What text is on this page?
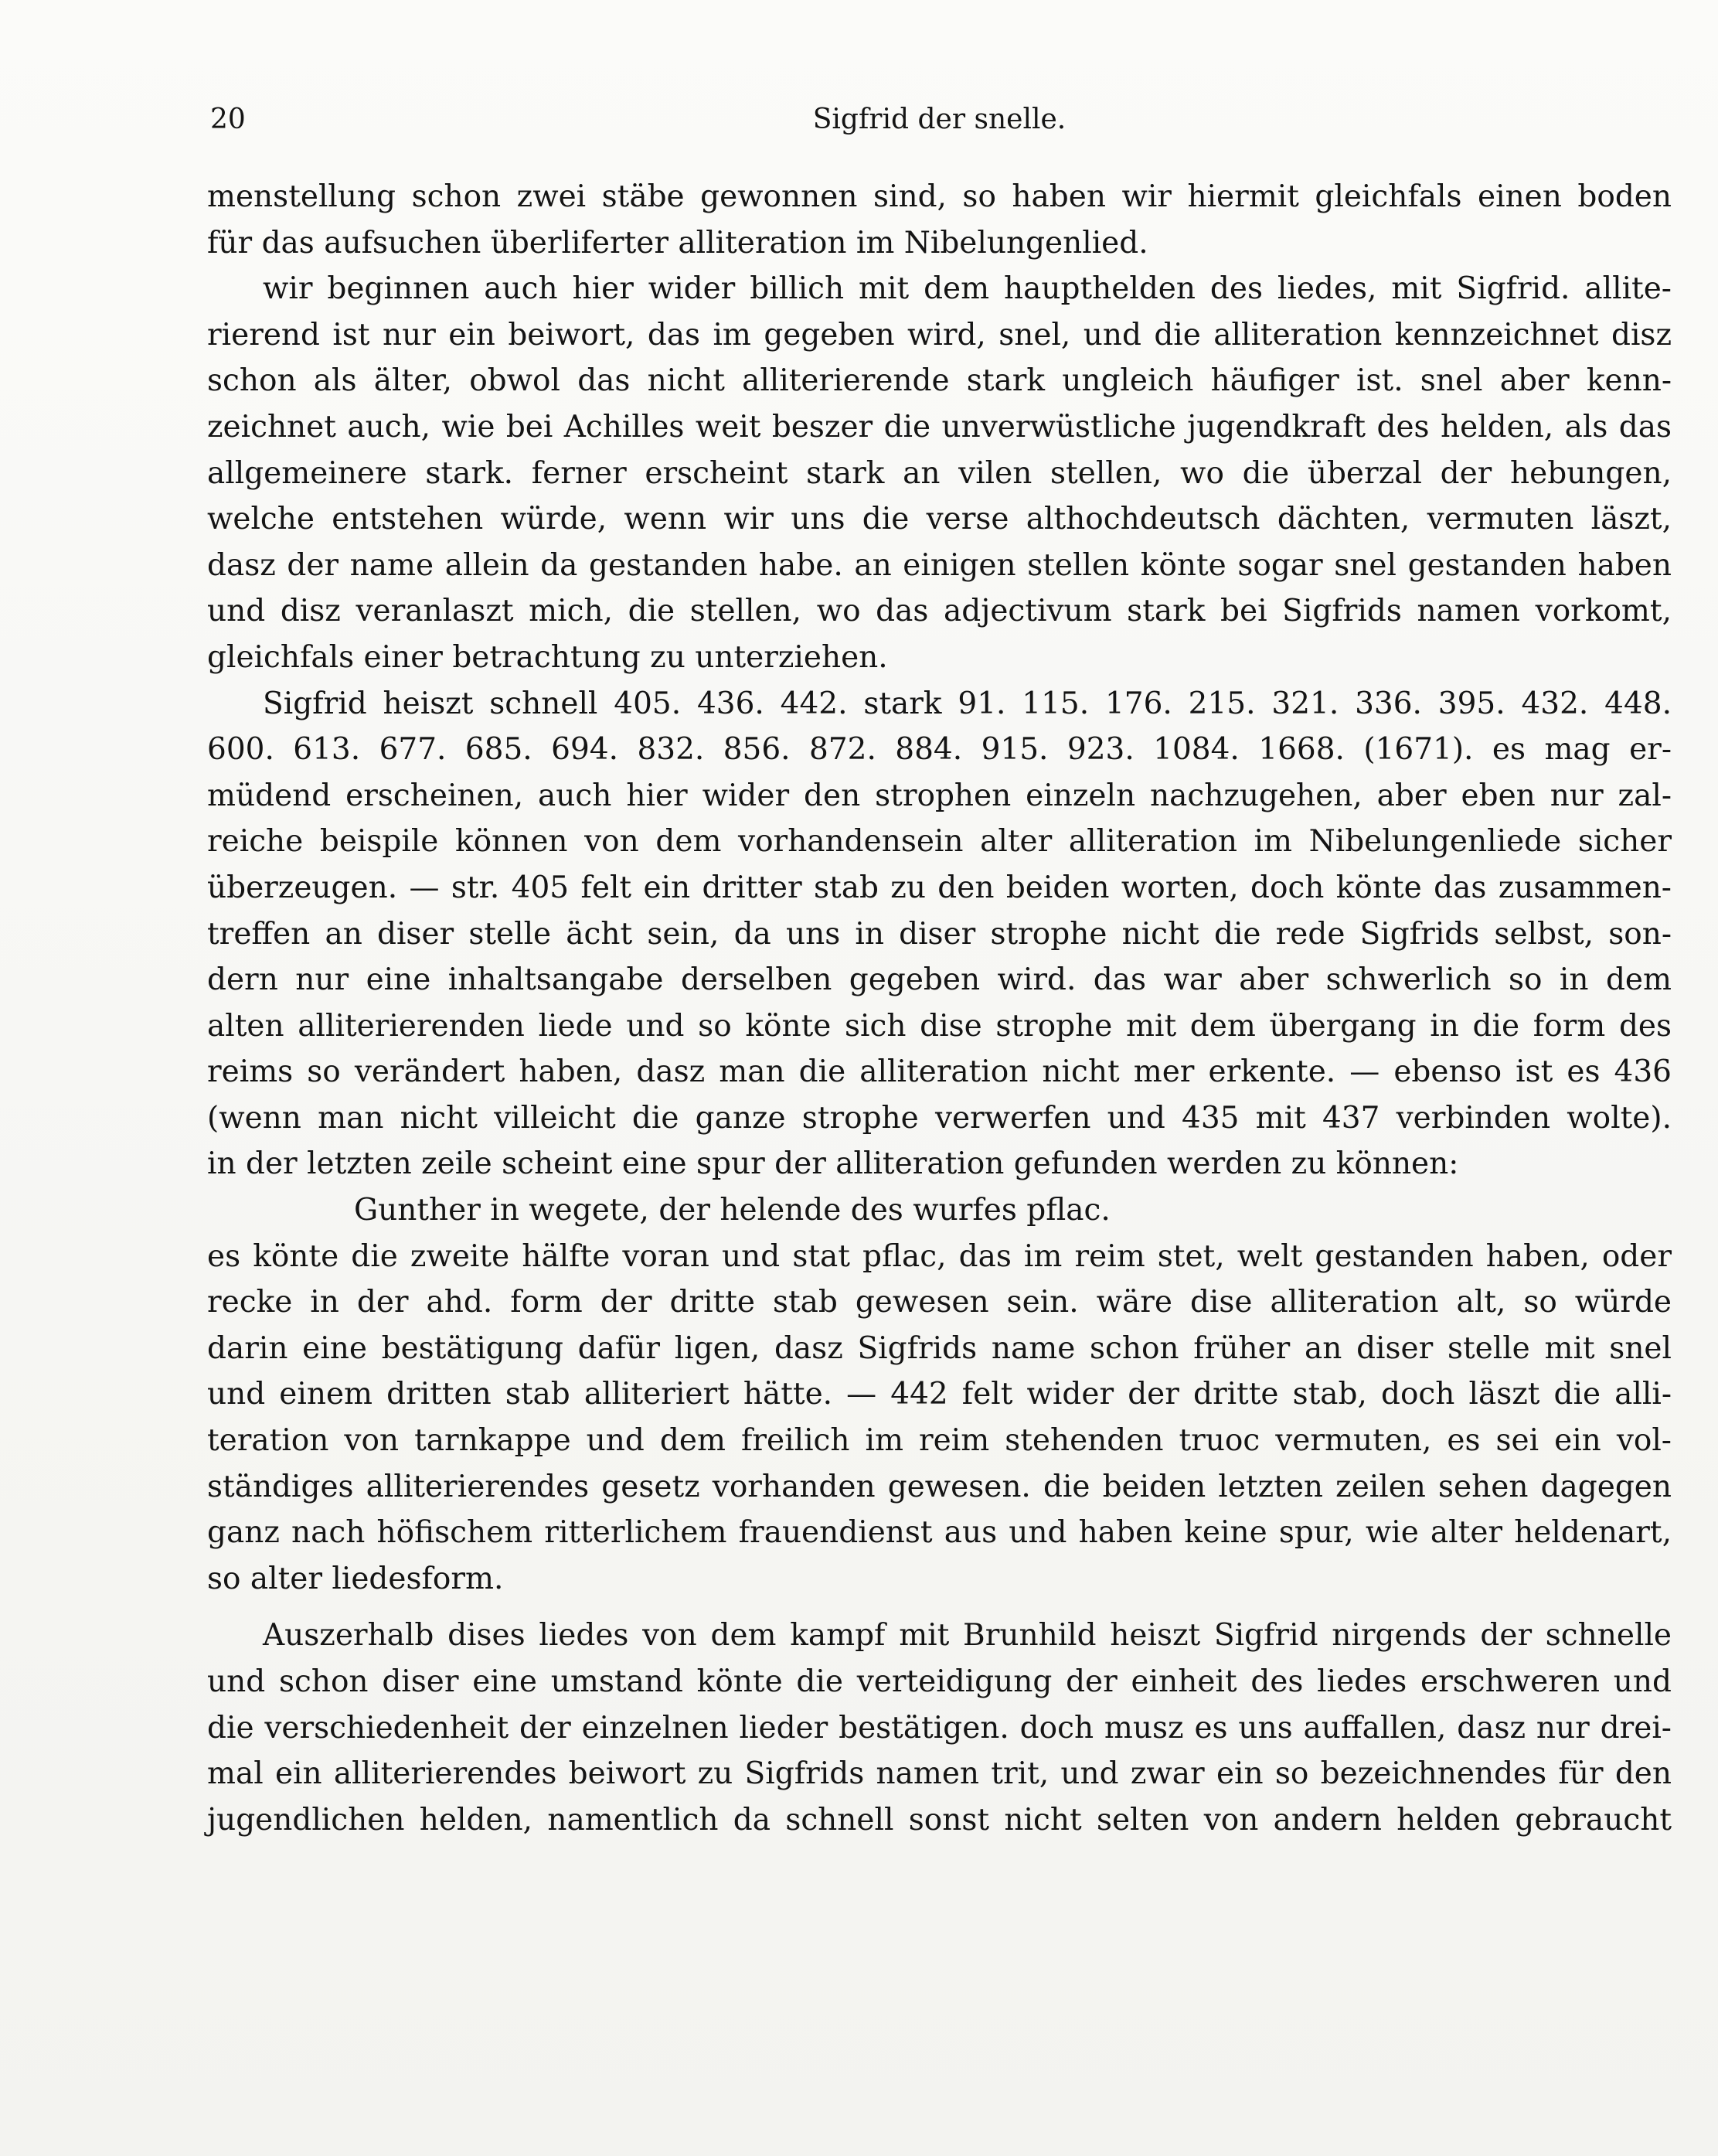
20	Sigfrid der snelle.
menstellung schon zwei stäbe gewonnen sind, so haben wir hiermit gleichfals einen boden
für das aufsuchen überliferter alliteration im Nibelungenlied.
wir beginnen auch hier wider billich mit dem haupthelden des liedes, mit Sigfrid. allite-
rierend ist nur ein beiwort, das im gegeben wird, snel, und die alliteration kennzeichnet disz
schon als älter, obwol das nicht alliterierende stark ungleich häufiger ist. snel aber kenn-
zeichnet auch, wie bei Achilles weit beszer die unverwüstliche jugendkraft des helden, als das
allgemeinere stark. ferner erscheint stark an vilen stellen, wo die überzal der hebungen,
welche entstehen würde, wenn wir uns die verse althochdeutsch dächten, vermuten läszt,
dasz der name allein da gestanden habe. an einigen stellen könte sogar snel gestanden haben
und disz veranlaszt mich, die stellen, wo das adjectivum stark bei Sigfrids namen vorkomt,
gleichfals einer betrachtung zu unterziehen.
Sigfrid heiszt schnell 405. 436. 442. stark 91. 115. 176. 215. 321. 336. 395. 432. 448.
600. 613. 677. 685. 694. 832. 856. 872. 884. 915. 923. 1084. 1668. (1671). es mag er-
müdend erscheinen, auch hier wider den strophen einzeln nachzugehen, aber eben nur zal-
reiche beispile können von dem vorhandensein alter alliteration im Nibelungenliede sicher
überzeugen. — str. 405 felt ein dritter stab zu den beiden worten, doch könte das zusammen-
treffen an diser stelle ächt sein, da uns in diser strophe nicht die rede Sigfrids selbst, son-
dern nur eine inhaltsangabe derselben gegeben wird. das war aber schwerlich so in dem
alten alliterierenden liede und so könte sich dise strophe mit dem übergang in die form des
reims so verändert haben, dasz man die alliteration nicht mer erkente. — ebenso ist es 436
(wenn man nicht villeicht die ganze strophe verwerfen und 435 mit 437 verbinden wolte).
in der letzten zeile scheint eine spur der alliteration gefunden werden zu können:
Gunther in wegete, der helende des wurfes pflac.
es könte die zweite hälfte voran und stat pflac, das im reim stet, welt gestanden haben, oder
recke in der ahd. form der dritte stab gewesen sein. wäre dise alliteration alt, so würde
darin eine bestätigung dafür ligen, dasz Sigfrids name schon früher an diser stelle mit snel
und einem dritten stab alliteriert hätte. — 442 felt wider der dritte stab, doch läszt die alli-
teration von tarnkappe und dem freilich im reim stehenden truoc vermuten, es sei ein vol-
ständiges alliterierendes gesetz vorhanden gewesen. die beiden letzten zeilen sehen dagegen
ganz nach höfischem ritterlichem frauendienst aus und haben keine spur, wie alter heldenart,
so alter liedesform.
Auszerhalb dises liedes von dem kampf mit Brunhild heiszt Sigfrid nirgends der schnelle
und schon diser eine umstand könte die verteidigung der einheit des liedes erschweren und
die verschiedenheit der einzelnen lieder bestätigen. doch musz es uns auffallen, dasz nur drei-
mal ein alliterierendes beiwort zu Sigfrids namen trit, und zwar ein so bezeichnendes für den
jugendlichen helden, namentlich da schnell sonst nicht selten von andern helden gebraucht
